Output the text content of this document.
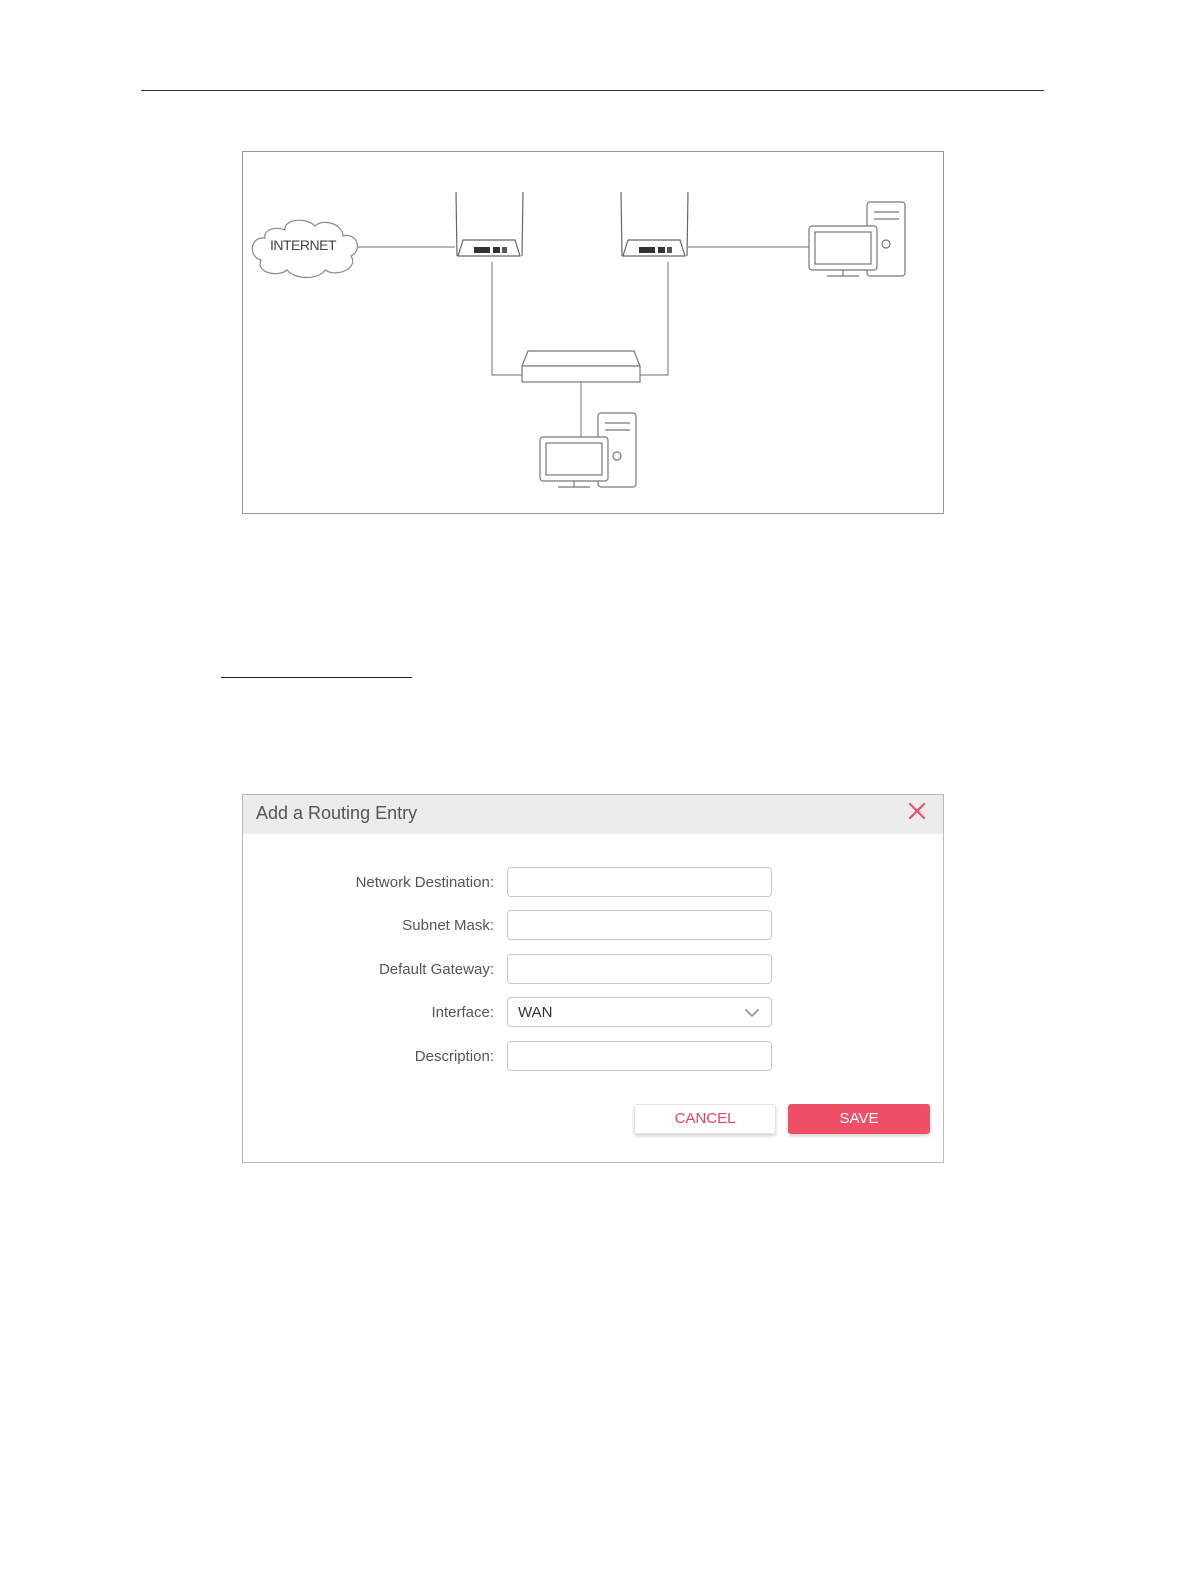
INTERNET
Add a Routing Entry
Network Destination:
Subnet Mask:
Default Gateway:
Interface: WAN
Description:
CANCEL	SAVE
